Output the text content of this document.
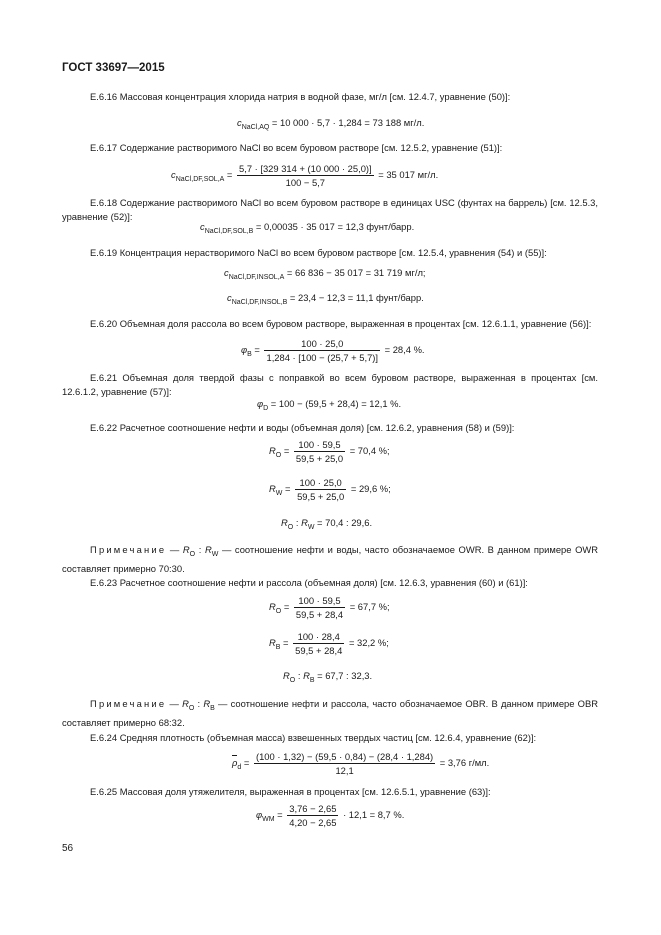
ГОСТ 33697—2015
Е.6.16 Массовая концентрация хлорида натрия в водной фазе, мг/л [см. 12.4.7, уравнение (50)]:
$c_{NaCl,AQ} = 10$ 000 · 5,7 · 1,284 = 73 188 мг/л.
Е.6.17 Содержание растворимого NaCl во всем буровом растворе [см. 12.5.2, уравнение (51)]:
$c_{NaCl,DF,SOL,A} = \frac{5,7 \cdot [329 314 + (10 000 \cdot 25,0)]}{100 - 5,7} = 35$ 017 мг/л.
Е.6.18 Содержание растворимого NaCl во всем буровом растворе в единицах USC (фунтах на баррель) [см. 12.5.3, уравнение (52)]:
$c_{NaCl,DF,SOL,B} = 0,00035 \cdot 35$ 017 = 12,3 фунт/барр.
Е.6.19 Концентрация нерастворимого NaCl во всем буровом растворе [см. 12.5.4, уравнения (54) и (55)]:
$c_{NaCl,DF,INSOL,A} = 66$ 836 − 35 017 = 31 719 мг/л;
$c_{NaCl,DF,INSOL,B} = 23,4 - 12,3 = 11,1$ фунт/барр.
Е.6.20 Объемная доля рассола во всем буровом растворе, выраженная в процентах [см. 12.6.1.1, уравнение (56)]:
$\varphi_B = \frac{100 \cdot 25,0}{1,284 \cdot [100 - (25,7 + 5,7)]} = 28,4$ %.
Е.6.21 Объемная доля твердой фазы с поправкой во всем буровом растворе, выраженная в процентах [см. 12.6.1.2, уравнение (57)]:
$\varphi_D = 100 - (59,5 + 28,4) = 12,1$ %.
Е.6.22 Расчетное соотношение нефти и воды (объемная доля) [см. 12.6.2, уравнения (58) и (59)]:
$R_O = \frac{100 \cdot 59,5}{59,5 + 25,0} = 70,4$ %;
$R_W = \frac{100 \cdot 25,0}{59,5 + 25,0} = 29,6$ %;
$R_O$ : $R_W = 70,4$ : 29,6.
Примечание — $R_O$ : $R_W$ — соотношение нефти и воды, часто обозначаемое OWR. В данном примере OWR составляет примерно 70:30.
Е.6.23 Расчетное соотношение нефти и рассола (объемная доля) [см. 12.6.3, уравнения (60) и (61)]:
$R_O = \frac{100 \cdot 59,5}{59,5 + 28,4} = 67,7$ %;
$R_B = \frac{100 \cdot 28,4}{59,5 + 28,4} = 32,2$ %;
$R_O$ : $R_B = 67,7$ : 32,3.
Примечание — $R_O$ : $R_B$ — соотношение нефти и рассола, часто обозначаемое OBR. В данном примере OBR составляет примерно 68:32.
Е.6.24 Средняя плотность (объемная масса) взвешенных твердых частиц [см. 12.6.4, уравнение (62)]:
$\rho_d = \frac{(100 \cdot 1,32) - (59,5 \cdot 0,84) - (28,4 \cdot 1,284)}{12,1} = 3,76$ г/мл.
Е.6.25 Массовая доля утяжелителя, выраженная в процентах [см. 12.6.5.1, уравнение (63)]:
$\varphi_{WM} = \frac{3,76 - 2,65}{4,20 - 2,65} \cdot 12,1 = 8,7$ %.
56
